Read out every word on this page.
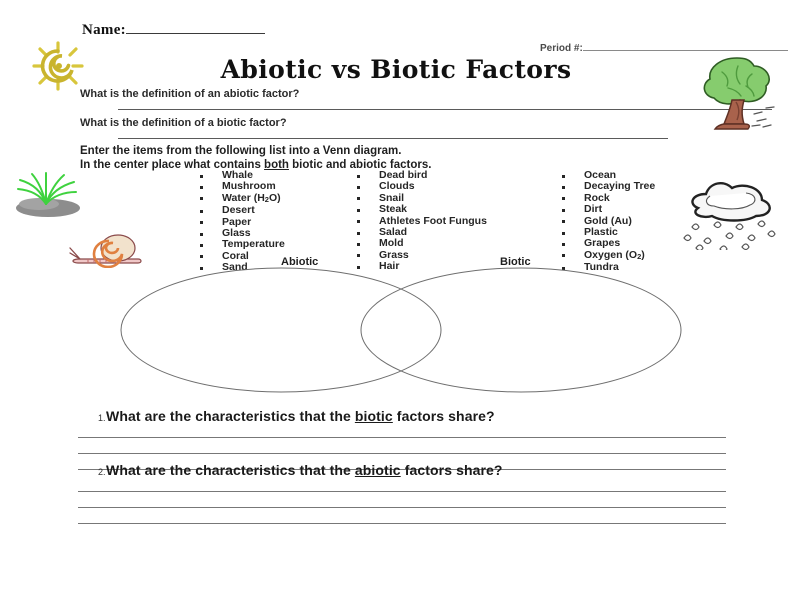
Name:
Period #:
Abiotic vs Biotic Factors
What is the definition of an abiotic factor?
What is the definition of a biotic factor?
Enter the items from the following list into a Venn diagram.
In the center place what contains both biotic and abiotic factors.
Whale
Mushroom
Water $(H_2O)$
Desert
Paper
Glass
Temperature
Coral
Sand
Dead bird
Clouds
Snail
Steak
Athletes Foot Fungus
Salad
Mold
Grass
Hair
Ocean
Decaying Tree
Rock
Dirt
Gold (Au)
Plastic
Grapes
Oxygen $(O_2)$
Tundra
Abiotic	Biotic
1. What are the characteristics that the biotic factors share?
2. What are the characteristics that the abiotic factors share?
